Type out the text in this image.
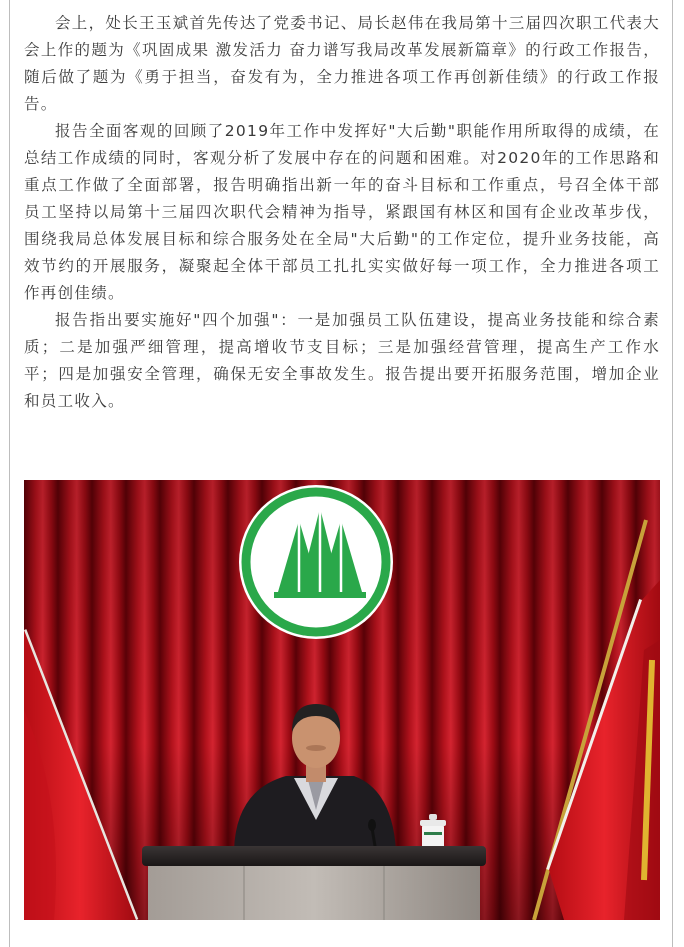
会上，处长王玉斌首先传达了党委书记、局长赵伟在我局第十三届四次职工代表大会上作的题为《巩固成果 激发活力 奋力谱写我局改革发展新篇章》的行政工作报告，随后做了题为《勇于担当，奋发有为，全力推进各项工作再创新佳绩》的行政工作报告。

报告全面客观的回顾了2019年工作中发挥好"大后勤"职能作用所取得的成绩，在总结工作成绩的同时，客观分析了发展中存在的问题和困难。对2020年的工作思路和重点工作做了全面部署，报告明确指出新一年的奋斗目标和工作重点，号召全体干部员工坚持以局第十三届四次职代会精神为指导，紧跟国有林区和国有企业改革步伐，围绕我局总体发展目标和综合服务处在全局"大后勤"的工作定位，提升业务技能，高效节约的开展服务，凝聚起全体干部员工扎扎实实做好每一项工作，全力推进各项工作再创佳绩。

报告指出要实施好"四个加强"：一是加强员工队伍建设，提高业务技能和综合素质；二是加强严细管理，提高增收节支目标；三是加强经营管理，提高生产工作水平；四是加强安全管理，确保无安全事故发生。报告提出要开拓服务范围，增加企业和员工收入。
